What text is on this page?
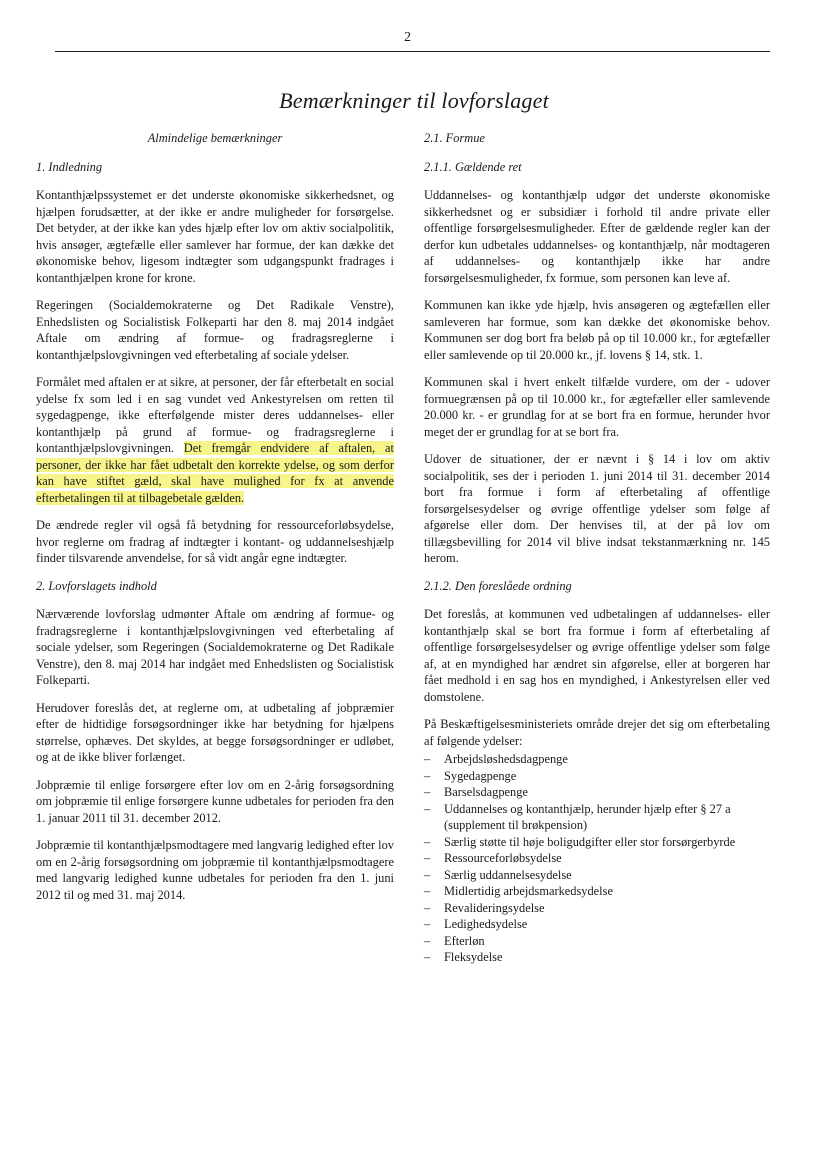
2
Bemærkninger til lovforslaget
Almindelige bemærkninger
1. Indledning

Kontanthjælpssystemet er det underste økonomiske sikkerhedsnet, og hjælpen forudsætter, at der ikke er andre muligheder for forsørgelse. Det betyder, at der ikke kan ydes hjælp efter lov om aktiv socialpolitik, hvis ansøger, ægtefælle eller samlever har formue, der kan dække det økonomiske behov, ligesom indtægter som udgangspunkt fradrages i kontanthjælpen krone for krone.

Regeringen (Socialdemokraterne og Det Radikale Venstre), Enhedslisten og Socialistisk Folkeparti har den 8. maj 2014 indgået Aftale om ændring af formue- og fradragsreglerne i kontanthjælpslovgivningen ved efterbetaling af sociale ydelser.

Formålet med aftalen er at sikre, at personer, der får efterbetalt en social ydelse fx som led i en sag vundet ved Ankestyrelsen om retten til sygedagpenge, ikke efterfølgende mister deres uddannelses- eller kontanthjælp på grund af formue- og fradragsreglerne i kontanthjælpslovgivningen. Det fremgår endvidere af aftalen, at personer, der ikke har fået udbetalt den korrekte ydelse, og som derfor kan have stiftet gæld, skal have mulighed for fx at anvende efterbetalingen til at tilbagebetale gælden.

De ændrede regler vil også få betydning for ressourceforløbsydelse, hvor reglerne om fradrag af indtægter i kontant- og uddannelseshjælp finder tilsvarende anvendelse, for så vidt angår egne indtægter.

2. Lovforslagets indhold

Nærværende lovforslag udmønter Aftale om ændring af formue- og fradragsreglerne i kontanthjælpslovgivningen ved efterbetaling af sociale ydelser, som Regeringen (Socialdemokraterne og Det Radikale Venstre), den 8. maj 2014 har indgået med Enhedslisten og Socialistisk Folkeparti.

Herudover foreslås det, at reglerne om, at udbetaling af jobpræmier efter de hidtidige forsøgsordninger ikke har betydning for hjælpens størrelse, ophæves. Det skyldes, at begge forsøgsordninger er udløbet, og at de ikke bliver forlænget.

Jobpræmie til enlige forsørgere efter lov om en 2-årig forsøgsordning om jobpræmie til enlige forsørgere kunne udbetales for perioden fra den 1. januar 2011 til 31. december 2012.

Jobpræmie til kontanthjælpsmodtagere med langvarig ledighed efter lov om en 2-årig forsøgsordning om jobpræmie til kontanthjælpsmodtagere med langvarig ledighed kunne udbetales for perioden fra den 1. juni 2012 til og med 31. maj 2014.

2.1. Formue
2.1.1. Gældende ret

Uddannelses- og kontanthjælp udgør det underste økonomiske sikkerhedsnet og er subsidiær i forhold til andre private eller offentlige forsørgelsesmuligheder. Efter de gældende regler kan der derfor kun udbetales uddannelses- og kontanthjælp, når modtageren af uddannelses- og kontanthjælp ikke har andre forsørgelsesmuligheder, fx formue, som personen kan leve af.

Kommunen kan ikke yde hjælp, hvis ansøgeren og ægtefællen eller samleveren har formue, som kan dække det økonomiske behov. Kommunen ser dog bort fra beløb på op til 10.000 kr., for ægtefæller eller samlevende op til 20.000 kr., jf. lovens § 14, stk. 1.

Kommunen skal i hvert enkelt tilfælde vurdere, om der - udover formuegrænsen på op til 10.000 kr., for ægtefæller eller samlevende 20.000 kr. - er grundlag for at se bort fra en formue, herunder hvor meget der er grundlag for at se bort fra.

Udover de situationer, der er nævnt i § 14 i lov om aktiv socialpolitik, ses der i perioden 1. juni 2014 til 31. december 2014 bort fra formue i form af efterbetaling af offentlige forsørgelsesydelser og øvrige offentlige ydelser som følge af afgørelse eller dom. Der henvises til, at der på lov om tillægsbevilling for 2014 vil blive indsat tekstanmærkning nr. 145 herom.

2.1.2. Den foreslåede ordning

Det foreslås, at kommunen ved udbetalingen af uddannelses- eller kontanthjælp skal se bort fra formue i form af efterbetaling af offentlige forsørgelsesydelser og øvrige offentlige ydelser som følge af, at en myndighed har ændret sin afgørelse, eller at borgeren har fået medhold i en sag hos en myndighed, i Ankestyrelsen eller ved domstolene.

På Beskæftigelsesministeriets område drejer det sig om efterbetaling af følgende ydelser:

– Arbejdsløshedsdagpenge
– Sygedagpenge
– Barselsdagpenge
– Uddannelses og kontanthjælp, herunder hjælp efter § 27 a (supplement til brøkpension)
– Særlig støtte til høje boligudgifter eller stor forsørgerbyrde
– Ressourceforløbsydelse
– Særlig uddannelsesydelse
– Midlertidig arbejdsmarkedsydelse
– Revalideringsydelse
– Ledighedsydelse
– Efterløn
– Fleksydelse
